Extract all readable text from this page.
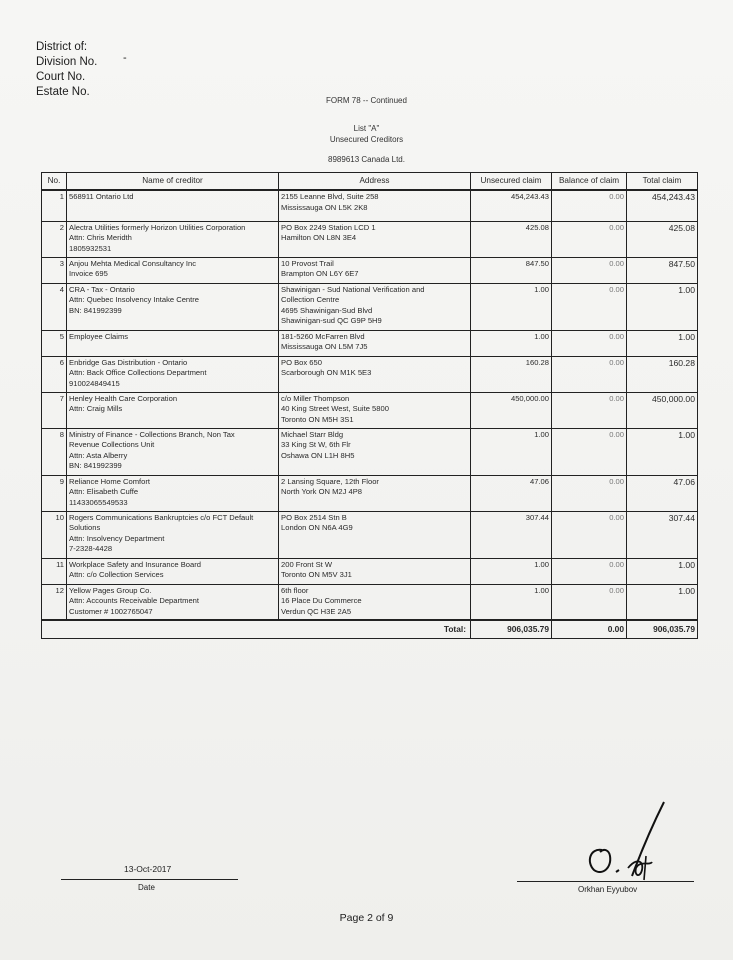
District of:
Division No.
Court No.
Estate No.
-
FORM 78 -- Continued
List "A"
Unsecured Creditors
8989613 Canada Ltd.
No.	Name of creditor	Address	Unsecured claim	Balance of claim	Total claim
1	568911 Ontario Ltd	2155 Leanne Blvd, Suite 258
Mississauga ON L5K 2K8	454,243.43	0.00	454,243.43
2	Alectra Utilities formerly Horizon Utilities Corporation
Attn: Chris Meridth
1805932531	PO Box 2249 Station LCD 1
Hamilton ON L8N 3E4	425.08	0.00	425.08
3	Anjou Mehta Medical Consultancy Inc
Invoice 695	10 Provost Trail
Brampton ON L6Y 6E7	847.50	0.00	847.50
4	CRA - Tax - Ontario
Attn: Quebec Insolvency Intake Centre
BN: 841992399	Shawinigan - Sud National Verification and
Collection Centre
4695 Shawinigan-Sud Blvd
Shawinigan-sud QC G9P 5H9	1.00	0.00	1.00
5	Employee Claims	181-5260 McFarren Blvd
Mississauga ON L5M 7J5	1.00	0.00	1.00
6	Enbridge Gas Distribution - Ontario
Attn: Back Office Collections Department
910024849415	PO Box 650
Scarborough ON M1K 5E3	160.28	0.00	160.28
7	Henley Health Care Corporation
Attn: Craig Mills	c/o Miller Thompson
40 King Street West, Suite 5800
Toronto ON M5H 3S1	450,000.00	0.00	450,000.00
8	Ministry of Finance - Collections Branch, Non Tax
Revenue Collections Unit
Attn: Asta Alberry
BN: 841992399	Michael Starr Bldg
33 King St W, 6th Flr
Oshawa ON L1H 8H5	1.00	0.00	1.00
9	Reliance Home Comfort
Attn: Elisabeth Cuffe
11433065549533	2 Lansing Square, 12th Floor
North York ON M2J 4P8	47.06	0.00	47.06
10	Rogers Communications Bankruptcies c/o FCT Default
Solutions
Attn: Insolvency Department
7-2328-4428	PO Box 2514 Stn B
London ON N6A 4G9	307.44	0.00	307.44
11	Workplace Safety and Insurance Board
Attn: c/o Collection Services	200 Front St W
Toronto ON M5V 3J1	1.00	0.00	1.00
12	Yellow Pages Group Co.
Attn: Accounts Receivable Department
Customer # 1002765047	6th floor
16 Place Du Commerce
Verdun QC H3E 2A5	1.00	0.00	1.00
		Total:	906,035.79	0.00	906,035.79
13-Oct-2017
Date	Orkhan Eyyubov
Page 2 of 9
